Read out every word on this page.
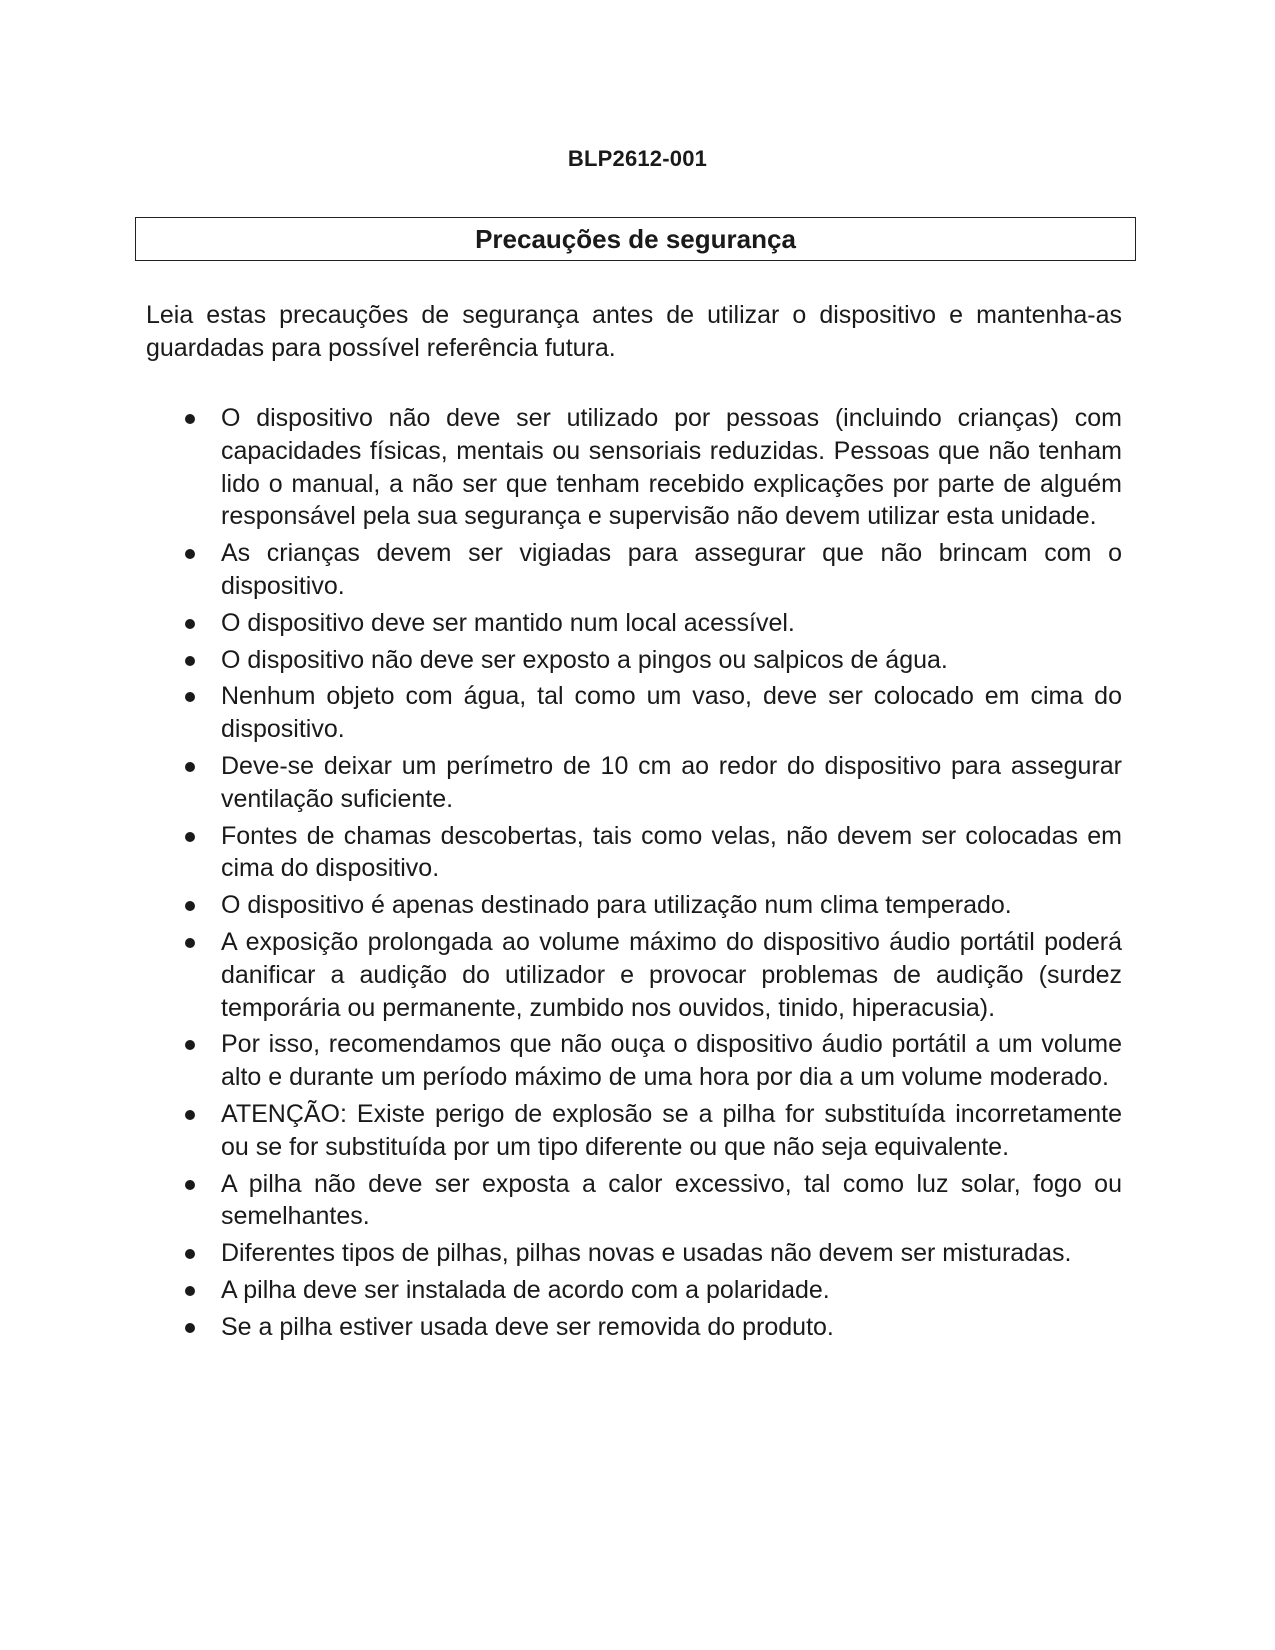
BLP2612-001
Precauções de segurança

Leia estas precauções de segurança antes de utilizar o dispositivo e mantenha-as guardadas para possível referência futura.

O dispositivo não deve ser utilizado por pessoas (incluindo crianças) com capacidades físicas, mentais ou sensoriais reduzidas. Pessoas que não tenham lido o manual, a não ser que tenham recebido explicações por parte de alguém responsável pela sua segurança e supervisão não devem utilizar esta unidade.
As crianças devem ser vigiadas para assegurar que não brincam com o dispositivo.
O dispositivo deve ser mantido num local acessível.
O dispositivo não deve ser exposto a pingos ou salpicos de água.
Nenhum objeto com água, tal como um vaso, deve ser colocado em cima do dispositivo.
Deve-se deixar um perímetro de 10 cm ao redor do dispositivo para assegurar ventilação suficiente.
Fontes de chamas descobertas, tais como velas, não devem ser colocadas em cima do dispositivo.
O dispositivo é apenas destinado para utilização num clima temperado.
A exposição prolongada ao volume máximo do dispositivo áudio portátil poderá danificar a audição do utilizador e provocar problemas de audição (surdez temporária ou permanente, zumbido nos ouvidos, tinido, hiperacusia).
Por isso, recomendamos que não ouça o dispositivo áudio portátil a um volume alto e durante um período máximo de uma hora por dia a um volume moderado.
ATENÇÃO: Existe perigo de explosão se a pilha for substituída incorretamente ou se for substituída por um tipo diferente ou que não seja equivalente.
A pilha não deve ser exposta a calor excessivo, tal como luz solar, fogo ou semelhantes.
Diferentes tipos de pilhas, pilhas novas e usadas não devem ser misturadas.
A pilha deve ser instalada de acordo com a polaridade.
Se a pilha estiver usada deve ser removida do produto.
